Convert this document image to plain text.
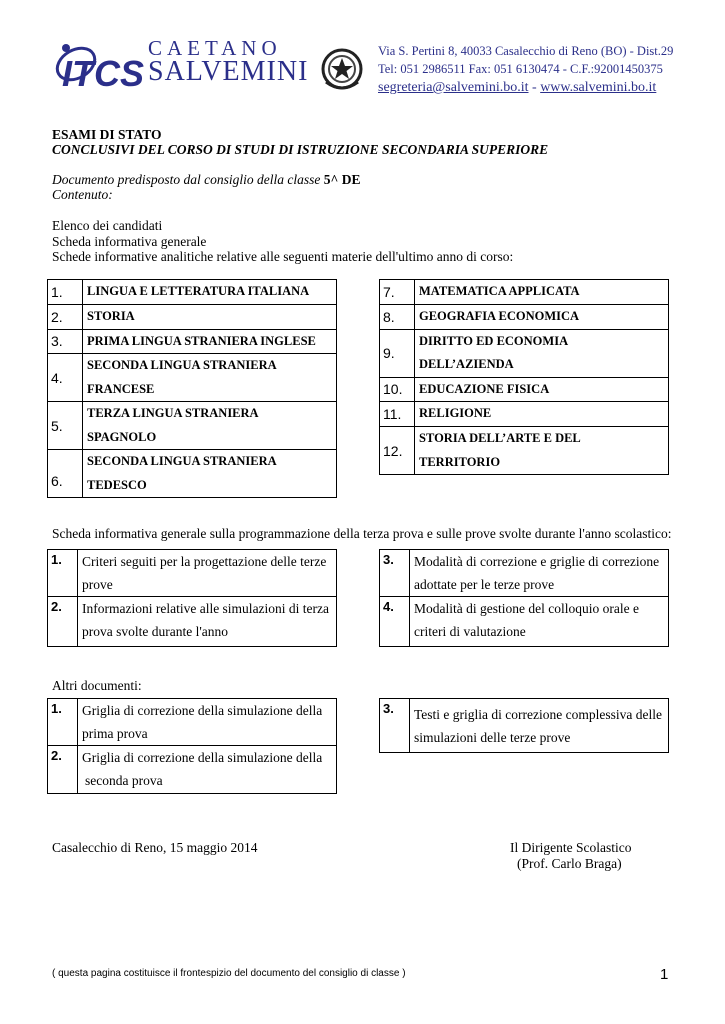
ITCS
CAETANO
SALVEMINI
Via S. Pertini 8, 40033 Casalecchio di Reno (BO) - Dist.29
Tel: 051 2986511 Fax: 051 6130474 - C.F.:92001450375
segreteria@salvemini.bo.it - www.salvemini.bo.it
ESAMI DI STATO
CONCLUSIVI DEL CORSO DI STUDI DI ISTRUZIONE SECONDARIA SUPERIORE
Documento predisposto dal consiglio della classe 5^ DE
Contenuto:
Elenco dei candidati
Scheda informativa generale
Schede informative analitiche relative alle seguenti materie dell'ultimo anno di corso:
1.	LINGUA E LETTERATURA ITALIANA
2.	STORIA
3.	PRIMA LINGUA STRANIERA INGLESE
4.	SECONDA LINGUA STRANIERA
FRANCESE
5.	TERZA LINGUA STRANIERA
SPAGNOLO
6.	SECONDA LINGUA STRANIERA
TEDESCO
7.	MATEMATICA APPLICATA
8.	GEOGRAFIA ECONOMICA
9.	DIRITTO ED ECONOMIA
DELL’AZIENDA
10.	EDUCAZIONE FISICA
11.	RELIGIONE
12.	STORIA DELL’ARTE E DEL
TERRITORIO
Scheda informativa generale sulla programmazione della terza prova e sulle prove svolte durante l'anno scolastico:
1.	Criteri seguiti per la progettazione delle terze
prove
2.	Informazioni relative alle simulazioni di terza
prova svolte durante l'anno
3.	Modalità di correzione e griglie di correzione
adottate per le terze prove
4.	Modalità di gestione del colloquio orale e
criteri di valutazione
Altri documenti:
1.	Griglia di correzione della simulazione della
prima prova
2.	Griglia di correzione della simulazione della
seconda prova
3.	Testi e griglia di correzione complessiva delle
simulazioni delle terze prove
Casalecchio di Reno, 15 maggio 2014	Il Dirigente Scolastico
(Prof. Carlo Braga)
( questa pagina costituisce il frontespizio del documento del consiglio di classe )	1
